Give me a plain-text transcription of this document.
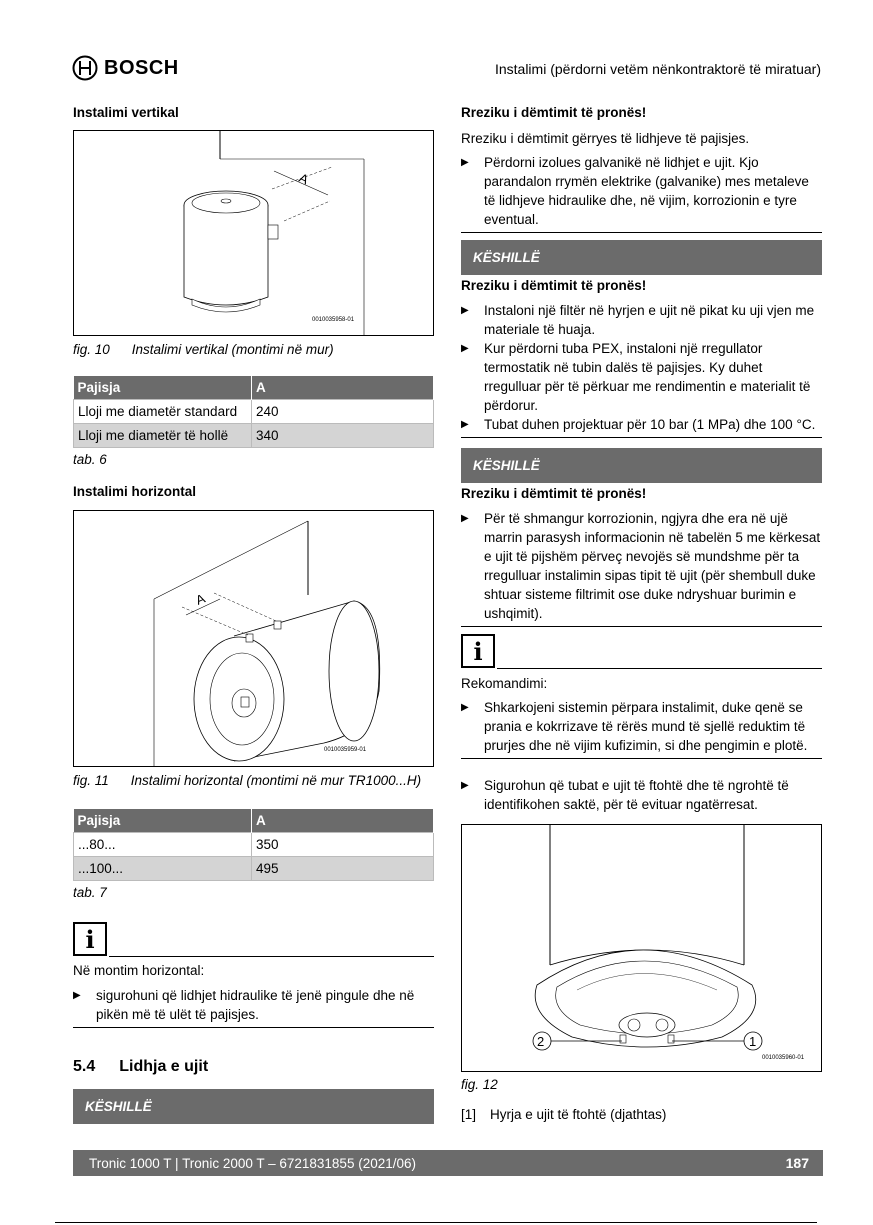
BOSCH	Instalimi (përdorni vetëm nënkontraktorë të miratuar)
Instalimi vertikal
A
0010035958-01
fig. 10 Instalimi vertikal (montimi në mur)
Pajisja	A
Lloji me diametër standard	240
Lloji me diametër të hollë	340
tab. 6
Instalimi horizontal
A
0010035959-01
fig. 11 Instalimi horizontal (montimi në mur TR1000...H)
Pajisja	A
...80...	350
...100...	495
tab. 7
i
Në montim horizontal:
▶ sigurohuni që lidhjet hidraulike të jenë pingule dhe në pikën më të ulët të pajisjes.
5.4 Lidhja e ujit
KËSHILLË
Rreziku i dëmtimit të pronës!
Rreziku i dëmtimit gërryes të lidhjeve të pajisjes.
▶ Përdorni izolues galvanikë në lidhjet e ujit. Kjo parandalon rrymën elektrike (galvanike) mes metaleve të lidhjeve hidraulike dhe, në vijim, korrozionin e tyre eventual.
KËSHILLË
Rreziku i dëmtimit të pronës!
▶ Instaloni një filtër në hyrjen e ujit në pikat ku uji vjen me materiale të huaja.
▶ Kur përdorni tuba PEX, instaloni një rregullator termostatik në tubin dalës të pajisjes. Ky duhet rregulluar për të përkuar me rendimentin e materialit të përdorur.
▶ Tubat duhen projektuar për 10 bar (1 MPa) dhe 100 °C.
KËSHILLË
Rreziku i dëmtimit të pronës!
▶ Për të shmangur korrozionin, ngjyra dhe era në ujë marrin parasysh informacionin në tabelën 5 me kërkesat e ujit të pijshëm përveç nevojës së mundshme për ta rregulluar instalimin sipas tipit të ujit (për shembull duke shtuar sisteme filtrimit ose duke ndryshuar burimin e ushqimit).
i
Rekomandimi:
▶ Shkarkojeni sistemin përpara instalimit, duke qenë se prania e kokrrizave të rërës mund të sjellë reduktim të prurjes dhe në vijim kufizimin, si dhe pengimin e plotë.
▶ Sigurohun që tubat e ujit të ftohtë dhe të ngrohtë të identifikohen saktë, për të evituar ngatërresat.
2	1
0010035960-01
fig. 12
[1] Hyrja e ujit të ftohtë (djathtas)
Tronic 1000 T | Tronic 2000 T – 6721831855 (2021/06)	187
